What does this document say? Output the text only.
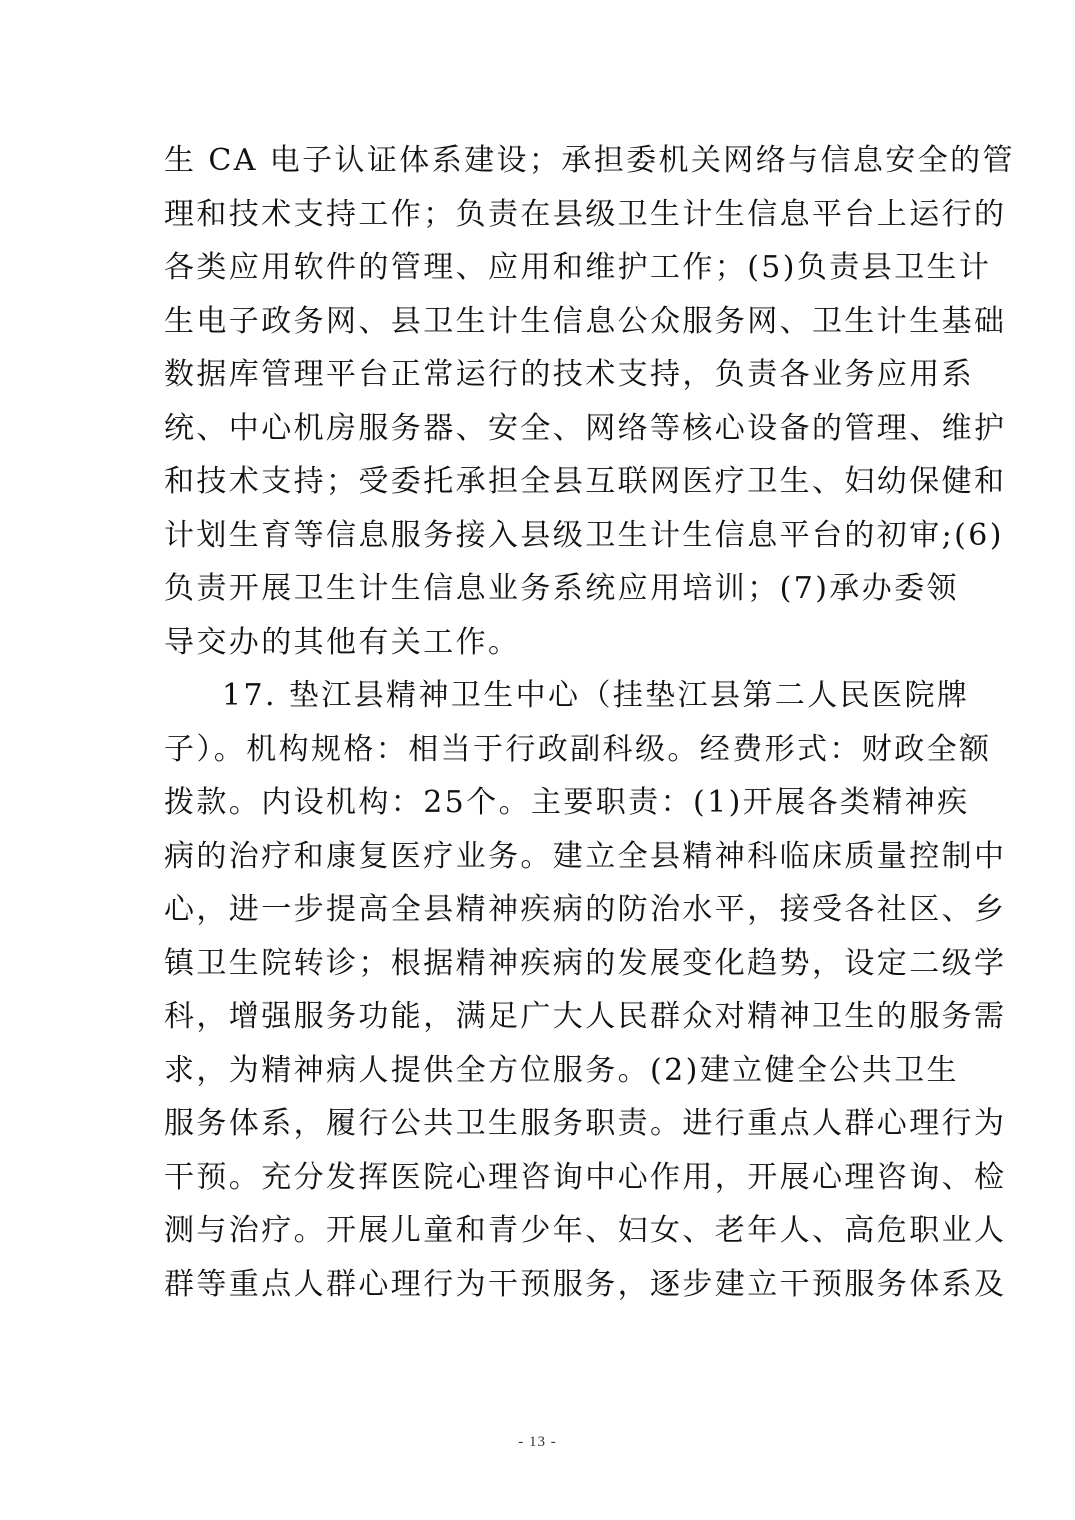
生 CA 电子认证体系建设；承担委机关网络与信息安全的管
理和技术支持工作；负责在县级卫生计生信息平台上运行的
各类应用软件的管理、应用和维护工作；(5)负责县卫生计
生电子政务网、县卫生计生信息公众服务网、卫生计生基础
数据库管理平台正常运行的技术支持，负责各业务应用系
统、中心机房服务器、安全、网络等核心设备的管理、维护
和技术支持；受委托承担全县互联网医疗卫生、妇幼保健和
计划生育等信息服务接入县级卫生计生信息平台的初审;(6)
负责开展卫生计生信息业务系统应用培训；(7)承办委领
导交办的其他有关工作。
17. 垫江县精神卫生中心（挂垫江县第二人民医院牌
子）。机构规格：相当于行政副科级。经费形式：财政全额
拨款。内设机构：25个。主要职责：(1)开展各类精神疾
病的治疗和康复医疗业务。建立全县精神科临床质量控制中
心，进一步提高全县精神疾病的防治水平，接受各社区、乡
镇卫生院转诊；根据精神疾病的发展变化趋势，设定二级学
科，增强服务功能，满足广大人民群众对精神卫生的服务需
求，为精神病人提供全方位服务。(2)建立健全公共卫生
服务体系，履行公共卫生服务职责。进行重点人群心理行为
干预。充分发挥医院心理咨询中心作用，开展心理咨询、检
测与治疗。开展儿童和青少年、妇女、老年人、高危职业人
群等重点人群心理行为干预服务，逐步建立干预服务体系及
- 13 -
